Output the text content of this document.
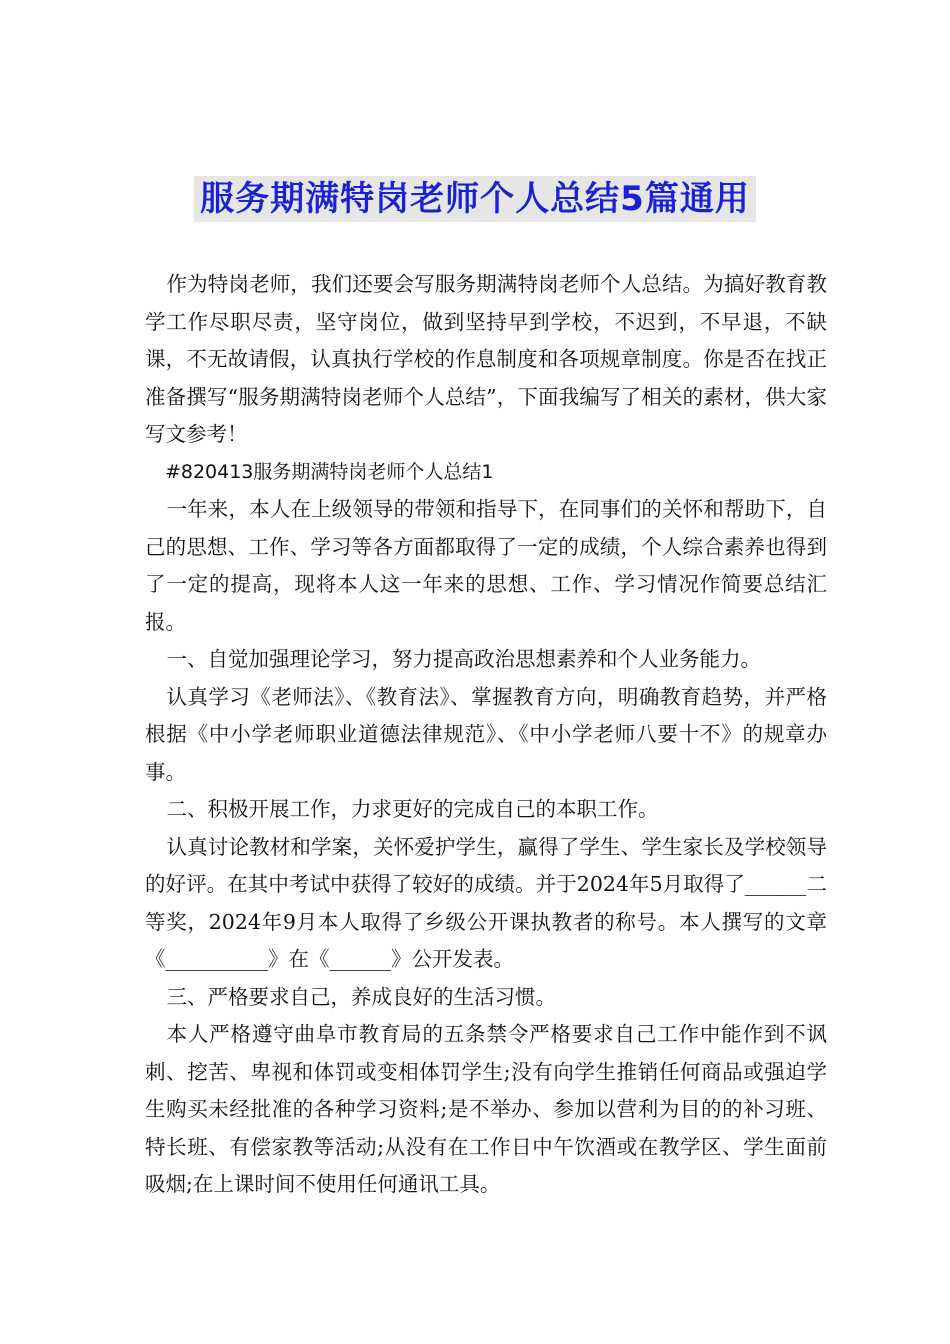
服务期满特岗老师个人总结5篇通用

作为特岗老师，我们还要会写服务期满特岗老师个人总结。为搞好教育教学工作尽职尽责，坚守岗位，做到坚持早到学校，不迟到，不早退，不缺课，不无故请假，认真执行学校的作息制度和各项规章制度。你是否在找正准备撰写“服务期满特岗老师个人总结”，下面我编写了相关的素材，供大家写文参考！

#820413服务期满特岗老师个人总结1

一年来，本人在上级领导的带领和指导下，在同事们的关怀和帮助下，自己的思想、工作、学习等各方面都取得了一定的成绩，个人综合素养也得到了一定的提高，现将本人这一年来的思想、工作、学习情况作简要总结汇报。

一、自觉加强理论学习，努力提高政治思想素养和个人业务能力。

认真学习《老师法》、《教育法》、掌握教育方向，明确教育趋势，并严格根据《中小学老师职业道德法律规范》、《中小学老师八要十不》的规章办事。

二、积极开展工作，力求更好的完成自己的本职工作。

认真讨论教材和学案，关怀爱护学生，赢得了学生、学生家长及学校领导的好评。在其中考试中获得了较好的成绩。并于2024年5月取得了______二等奖，2024年9月本人取得了乡级公开课执教者的称号。本人撰写的文章《__________》在《______》公开发表。

三、严格要求自己，养成良好的生活习惯。

本人严格遵守曲阜市教育局的五条禁令严格要求自己工作中能作到不讽刺、挖苦、卑视和体罚或变相体罚学生;没有向学生推销任何商品或强迫学生购买未经批准的各种学习资料;是不举办、参加以营利为目的的补习班、特长班、有偿家教等活动;从没有在工作日中午饮酒或在教学区、学生面前吸烟;在上课时间不使用任何通讯工具。
